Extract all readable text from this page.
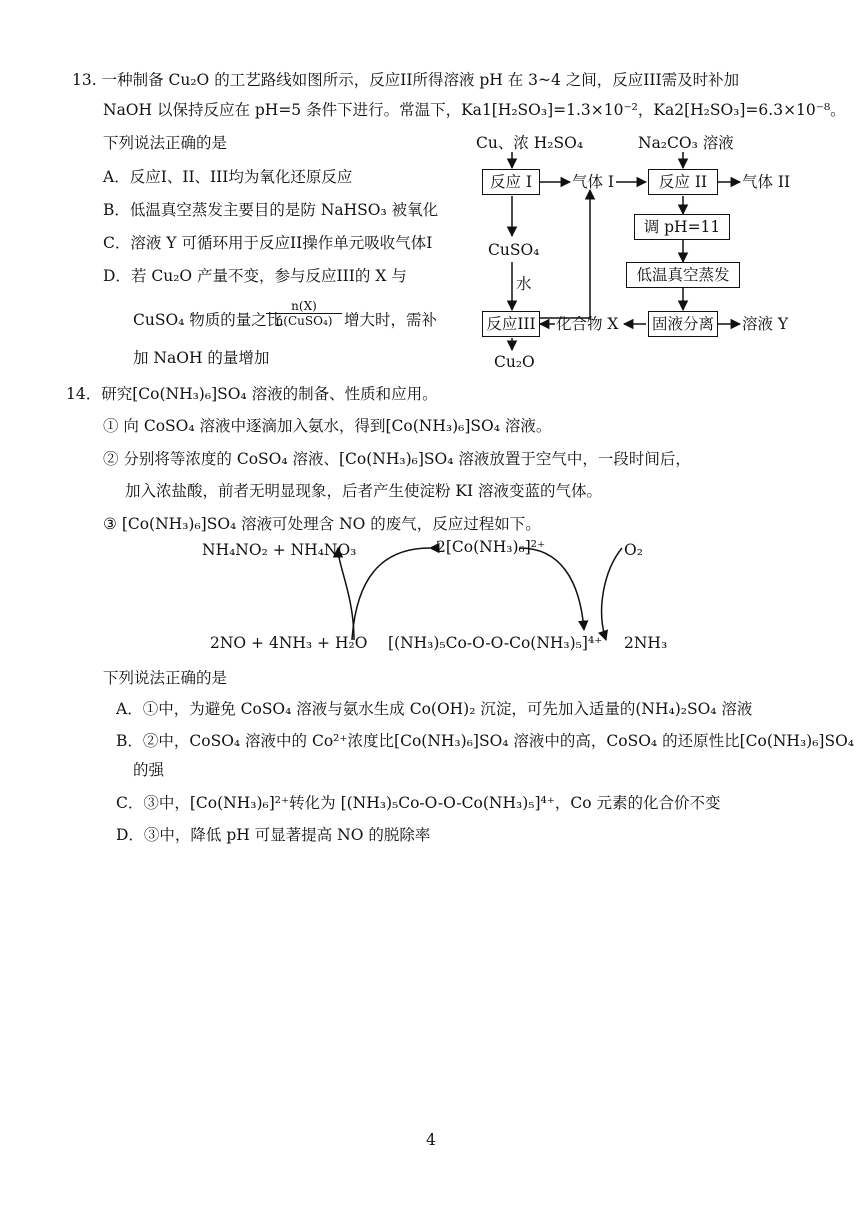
13. 一种制备 Cu₂O 的工艺路线如图所示，反应II所得溶液 pH 在 3~4 之间，反应III需及时补加
NaOH 以保持反应在 pH=5 条件下进行。常温下，Ka1[H₂SO₃]=1.3×10⁻²，Ka2[H₂SO₃]=6.3×10⁻⁸。
下列说法正确的是
A．反应I、II、III均为氧化还原反应
B．低温真空蒸发主要目的是防 NaHSO₃ 被氧化
C．溶液 Y 可循环用于反应II操作单元吸收气体I
D．若 Cu₂O 产量不变，参与反应III的 X 与
CuSO₄ 物质的量之比
n(X)
n(CuSO₄) 增大时，需补
加 NaOH 的量增加
Cu、浓 H₂SO₄	Na₂CO₃ 溶液
反应 I	气体 I	反应 II	气体 II
调 pH=11
低温真空蒸发
固液分离 溶液 Y
CuSO₄
水
反应III 化合物 X
Cu₂O
14．研究[Co(NH₃)₆]SO₄ 溶液的制备、性质和应用。
① 向 CoSO₄ 溶液中逐滴加入氨水，得到[Co(NH₃)₆]SO₄ 溶液。
② 分别将等浓度的 CoSO₄ 溶液、[Co(NH₃)₆]SO₄ 溶液放置于空气中，一段时间后，
加入浓盐酸，前者无明显现象，后者产生使淀粉 KI 溶液变蓝的气体。
③ [Co(NH₃)₆]SO₄ 溶液可处理含 NO 的废气，反应过程如下。
NH₄NO₂ + NH₄NO₃	2[Co(NH₃)₆]²⁺	O₂
2NO + 4NH₃ + H₂O [(NH₃)₅Co-O-O-Co(NH₃)₅]⁴⁺ 2NH₃
下列说法正确的是
A．①中，为避免 CoSO₄ 溶液与氨水生成 Co(OH)₂ 沉淀，可先加入适量的(NH₄)₂SO₄ 溶液
B．②中，CoSO₄ 溶液中的 Co²⁺浓度比[Co(NH₃)₆]SO₄ 溶液中的高，CoSO₄ 的还原性比[Co(NH₃)₆]SO₄
的强
C．③中，[Co(NH₃)₆]²⁺转化为 [(NH₃)₅Co-O-O-Co(NH₃)₅]⁴⁺，Co 元素的化合价不变
D．③中，降低 pH 可显著提高 NO 的脱除率
4
